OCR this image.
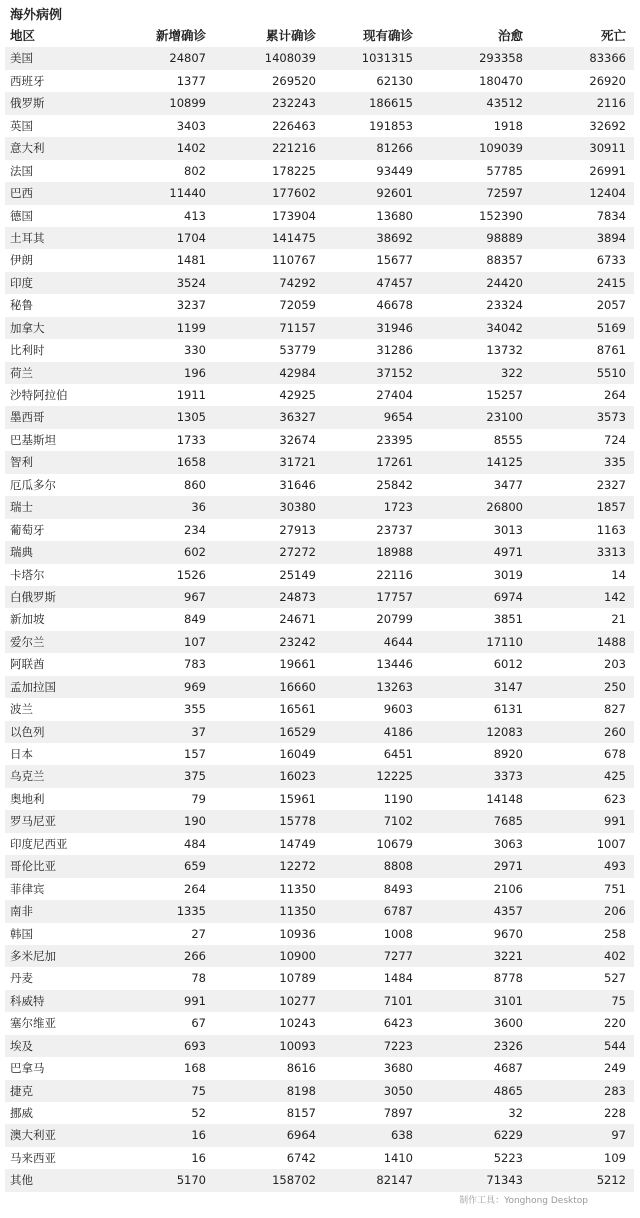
海外病例
地区	新增确诊	累计确诊	现有确诊	治愈	死亡
美国	24807	1408039	1031315	293358	83366
西班牙	1377	269520	62130	180470	26920
俄罗斯	10899	232243	186615	43512	2116
英国	3403	226463	191853	1918	32692
意大利	1402	221216	81266	109039	30911
法国	802	178225	93449	57785	26991
巴西	11440	177602	92601	72597	12404
德国	413	173904	13680	152390	7834
土耳其	1704	141475	38692	98889	3894
伊朗	1481	110767	15677	88357	6733
印度	3524	74292	47457	24420	2415
秘鲁	3237	72059	46678	23324	2057
加拿大	1199	71157	31946	34042	5169
比利时	330	53779	31286	13732	8761
荷兰	196	42984	37152	322	5510
沙特阿拉伯	1911	42925	27404	15257	264
墨西哥	1305	36327	9654	23100	3573
巴基斯坦	1733	32674	23395	8555	724
智利	1658	31721	17261	14125	335
厄瓜多尔	860	31646	25842	3477	2327
瑞士	36	30380	1723	26800	1857
葡萄牙	234	27913	23737	3013	1163
瑞典	602	27272	18988	4971	3313
卡塔尔	1526	25149	22116	3019	14
白俄罗斯	967	24873	17757	6974	142
新加坡	849	24671	20799	3851	21
爱尔兰	107	23242	4644	17110	1488
阿联酋	783	19661	13446	6012	203
孟加拉国	969	16660	13263	3147	250
波兰	355	16561	9603	6131	827
以色列	37	16529	4186	12083	260
日本	157	16049	6451	8920	678
乌克兰	375	16023	12225	3373	425
奥地利	79	15961	1190	14148	623
罗马尼亚	190	15778	7102	7685	991
印度尼西亚	484	14749	10679	3063	1007
哥伦比亚	659	12272	8808	2971	493
菲律宾	264	11350	8493	2106	751
南非	1335	11350	6787	4357	206
韩国	27	10936	1008	9670	258
多米尼加	266	10900	7277	3221	402
丹麦	78	10789	1484	8778	527
科威特	991	10277	7101	3101	75
塞尔维亚	67	10243	6423	3600	220
埃及	693	10093	7223	2326	544
巴拿马	168	8616	3680	4687	249
捷克	75	8198	3050	4865	283
挪威	52	8157	7897	32	228
澳大利亚	16	6964	638	6229	97
马来西亚	16	6742	1410	5223	109
其他	5170	158702	82147	71343	5212
制作工具：Yonghong Desktop
